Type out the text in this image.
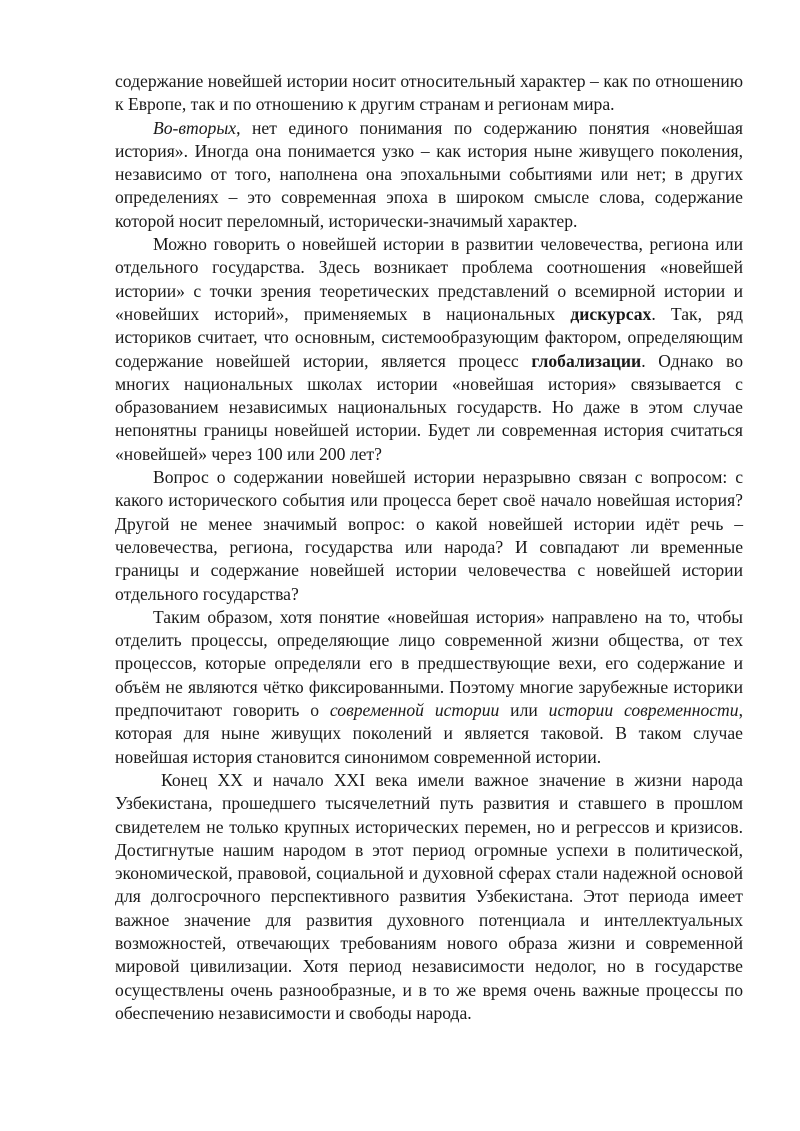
содержание новейшей истории носит относительный характер – как по отношению к Европе, так и по отношению к другим странам и регионам мира.

Во-вторых, нет единого понимания по содержанию понятия «новейшая история». Иногда она понимается узко – как история ныне живущего поколения, независимо от того, наполнена она эпохальными событиями или нет; в других определениях – это современная эпоха в широком смысле слова, содержание которой носит переломный, исторически-значимый характер.

Можно говорить о новейшей истории в развитии человечества, региона или отдельного государства. Здесь возникает проблема соотношения «новейшей истории» с точки зрения теоретических представлений о всемирной истории и «новейших историй», применяемых в национальных дискурсах. Так, ряд историков считает, что основным, системообразующим фактором, определяющим содержание новейшей истории, является процесс глобализации. Однако во многих национальных школах истории «новейшая история» связывается с образованием независимых национальных государств. Но даже в этом случае непонятны границы новейшей истории. Будет ли современная история считаться «новейшей» через 100 или 200 лет?

Вопрос о содержании новейшей истории неразрывно связан с вопросом: с какого исторического события или процесса берет своё начало новейшая история? Другой не менее значимый вопрос: о какой новейшей истории идёт речь – человечества, региона, государства или народа? И совпадают ли временные границы и содержание новейшей истории человечества с новейшей истории отдельного государства?

Таким образом, хотя понятие «новейшая история» направлено на то, чтобы отделить процессы, определяющие лицо современной жизни общества, от тех процессов, которые определяли его в предшествующие вехи, его содержание и объём не являются чётко фиксированными. Поэтому многие зарубежные историки предпочитают говорить о современной истории или истории современности, которая для ныне живущих поколений и является таковой. В таком случае новейшая история становится синонимом современной истории.

Конец XX и начало XXI века имели важное значение в жизни народа Узбекистана, прошедшего тысячелетний путь развития и ставшего в прошлом свидетелем не только крупных исторических перемен, но и регрессов и кризисов. Достигнутые нашим народом в этот период огромные успехи в политической, экономической, правовой, социальной и духовной сферах стали надежной основой для долгосрочного перспективного развития Узбекистана. Этот периода имеет важное значение для развития духовного потенциала и интеллектуальных возможностей, отвечающих требованиям нового образа жизни и современной мировой цивилизации. Хотя период независимости недолог, но в государстве осуществлены очень разнообразные, и в то же время очень важные процессы по обеспечению независимости и свободы народа.
